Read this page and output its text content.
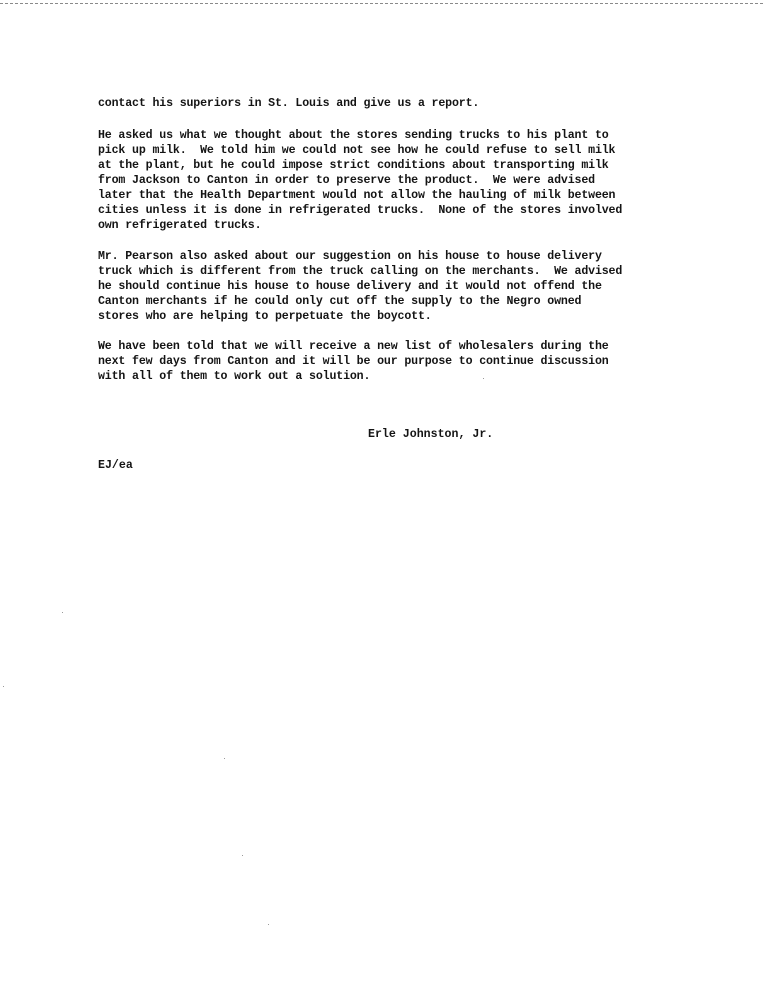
contact his superiors in St. Louis and give us a report.

He asked us what we thought about the stores sending trucks to his plant to
pick up milk.  We told him we could not see how he could refuse to sell milk
at the plant, but he could impose strict conditions about transporting milk
from Jackson to Canton in order to preserve the product.  We were advised
later that the Health Department would not allow the hauling of milk between
cities unless it is done in refrigerated trucks.  None of the stores involved
own refrigerated trucks.

Mr. Pearson also asked about our suggestion on his house to house delivery
truck which is different from the truck calling on the merchants.  We advised
he should continue his house to house delivery and it would not offend the
Canton merchants if he could only cut off the supply to the Negro owned
stores who are helping to perpetuate the boycott.

We have been told that we will receive a new list of wholesalers during the
next few days from Canton and it will be our purpose to continue discussion
with all of them to work out a solution.

Erle Johnston, Jr.
EJ/ea
